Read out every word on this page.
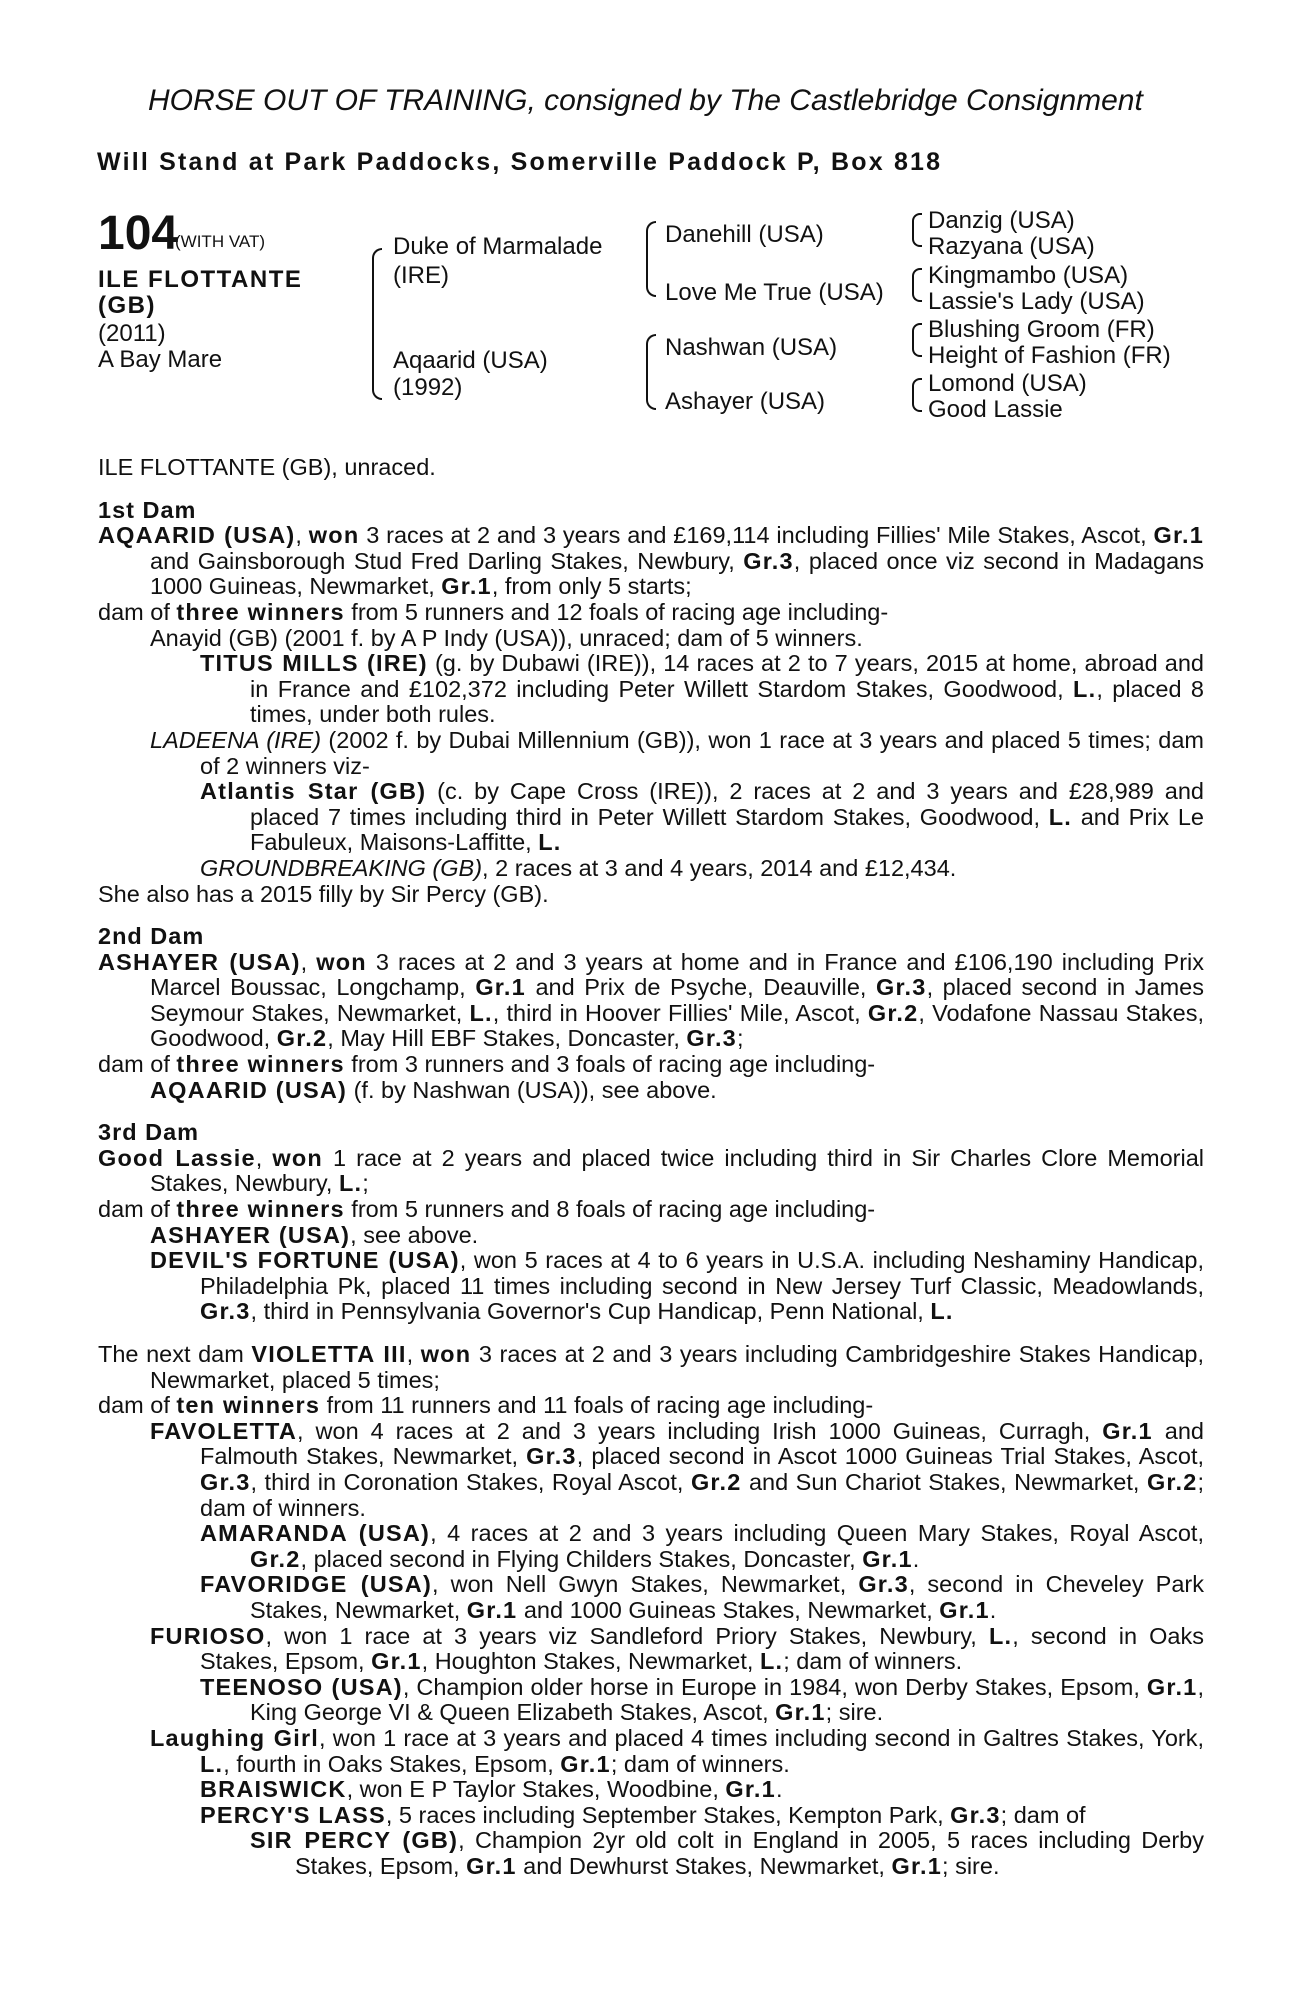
HORSE OUT OF TRAINING, consigned by The Castlebridge Consignment
Will Stand at Park Paddocks, Somerville Paddock P, Box 818
104
(WITH VAT)
ILE FLOTTANTE
(GB)
(2011)
A Bay Mare
Duke of Marmalade
(IRE)
Aqaarid (USA)
(1992)
Danehill (USA)
Love Me True (USA)
Nashwan (USA)
Ashayer (USA)
Danzig (USA)
Razyana (USA)
Kingmambo (USA)
Lassie's Lady (USA)
Blushing Groom (FR)
Height of Fashion (FR)
Lomond (USA)
Good Lassie

ILE FLOTTANTE (GB), unraced.

1st Dam

AQAARID (USA), won 3 races at 2 and 3 years and £169,114 including Fillies' Mile Stakes, Ascot, Gr.1 and Gainsborough Stud Fred Darling Stakes, Newbury, Gr.3, placed once viz second in Madagans 1000 Guineas, Newmarket, Gr.1, from only 5 starts;

dam of three winners from 5 runners and 12 foals of racing age including-

Anayid (GB) (2001 f. by A P Indy (USA)), unraced; dam of 5 winners.

TITUS MILLS (IRE) (g. by Dubawi (IRE)), 14 races at 2 to 7 years, 2015 at home, abroad and in France and £102,372 including Peter Willett Stardom Stakes, Goodwood, L., placed 8 times, under both rules.

LADEENA (IRE) (2002 f. by Dubai Millennium (GB)), won 1 race at 3 years and placed 5 times; dam of 2 winners viz-

Atlantis Star (GB) (c. by Cape Cross (IRE)), 2 races at 2 and 3 years and £28,989 and placed 7 times including third in Peter Willett Stardom Stakes, Goodwood, L. and Prix Le Fabuleux, Maisons-Laffitte, L.

GROUNDBREAKING (GB), 2 races at 3 and 4 years, 2014 and £12,434.

She also has a 2015 filly by Sir Percy (GB).

2nd Dam

ASHAYER (USA), won 3 races at 2 and 3 years at home and in France and £106,190 including Prix Marcel Boussac, Longchamp, Gr.1 and Prix de Psyche, Deauville, Gr.3, placed second in James Seymour Stakes, Newmarket, L., third in Hoover Fillies' Mile, Ascot, Gr.2, Vodafone Nassau Stakes, Goodwood, Gr.2, May Hill EBF Stakes, Doncaster, Gr.3;

dam of three winners from 3 runners and 3 foals of racing age including-

AQAARID (USA) (f. by Nashwan (USA)), see above.

3rd Dam

Good Lassie, won 1 race at 2 years and placed twice including third in Sir Charles Clore Memorial Stakes, Newbury, L.;

dam of three winners from 5 runners and 8 foals of racing age including-

ASHAYER (USA), see above.

DEVIL'S FORTUNE (USA), won 5 races at 4 to 6 years in U.S.A. including Neshaminy Handicap, Philadelphia Pk, placed 11 times including second in New Jersey Turf Classic, Meadowlands, Gr.3, third in Pennsylvania Governor's Cup Handicap, Penn National, L.

The next dam VIOLETTA III, won 3 races at 2 and 3 years including Cambridgeshire Stakes Handicap, Newmarket, placed 5 times;

dam of ten winners from 11 runners and 11 foals of racing age including-

FAVOLETTA, won 4 races at 2 and 3 years including Irish 1000 Guineas, Curragh, Gr.1 and Falmouth Stakes, Newmarket, Gr.3, placed second in Ascot 1000 Guineas Trial Stakes, Ascot, Gr.3, third in Coronation Stakes, Royal Ascot, Gr.2 and Sun Chariot Stakes, Newmarket, Gr.2; dam of winners.

AMARANDA (USA), 4 races at 2 and 3 years including Queen Mary Stakes, Royal Ascot, Gr.2, placed second in Flying Childers Stakes, Doncaster, Gr.1.

FAVORIDGE (USA), won Nell Gwyn Stakes, Newmarket, Gr.3, second in Cheveley Park Stakes, Newmarket, Gr.1 and 1000 Guineas Stakes, Newmarket, Gr.1.

FURIOSO, won 1 race at 3 years viz Sandleford Priory Stakes, Newbury, L., second in Oaks Stakes, Epsom, Gr.1, Houghton Stakes, Newmarket, L.; dam of winners.

TEENOSO (USA), Champion older horse in Europe in 1984, won Derby Stakes, Epsom, Gr.1, King George VI & Queen Elizabeth Stakes, Ascot, Gr.1; sire.

Laughing Girl, won 1 race at 3 years and placed 4 times including second in Galtres Stakes, York, L., fourth in Oaks Stakes, Epsom, Gr.1; dam of winners.

BRAISWICK, won E P Taylor Stakes, Woodbine, Gr.1.

PERCY'S LASS, 5 races including September Stakes, Kempton Park, Gr.3; dam of

SIR PERCY (GB), Champion 2yr old colt in England in 2005, 5 races including Derby Stakes, Epsom, Gr.1 and Dewhurst Stakes, Newmarket, Gr.1; sire.
